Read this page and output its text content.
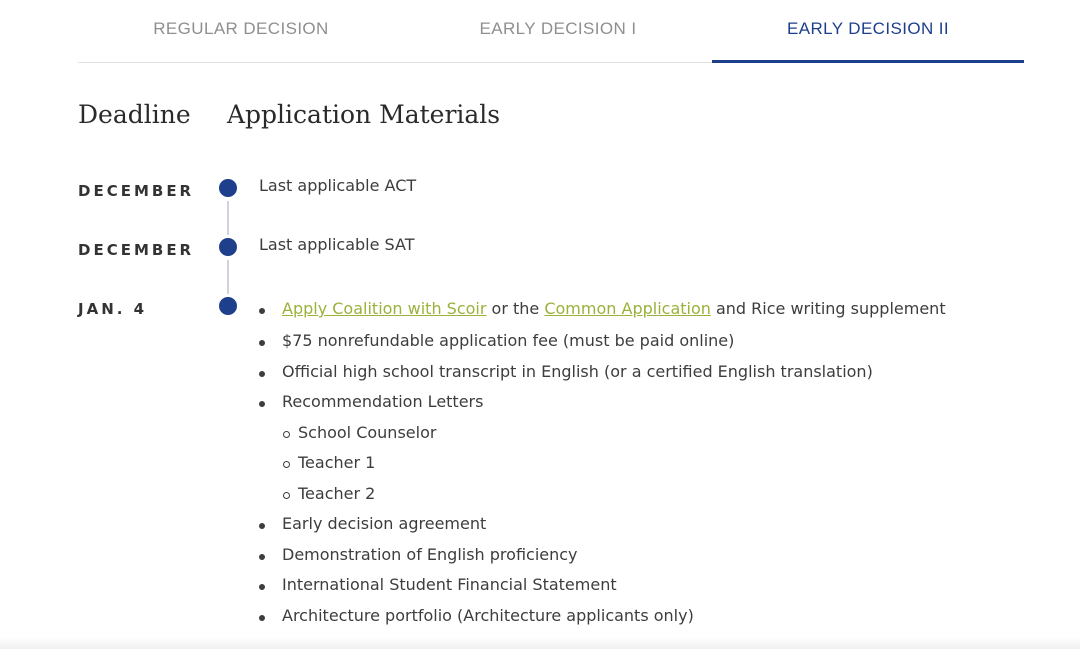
REGULAR DECISION	EARLY DECISION I	EARLY DECISION II
Deadline Application Materials
DECEMBER	Last applicable ACT
DECEMBER	Last applicable SAT
JAN. 4	Apply Coalition with Scoir or the Common Application and Rice writing supplement
$75 nonrefundable application fee (must be paid online)
Official high school transcript in English (or a certified English translation)
Recommendation Letters
School Counselor
Teacher 1
Teacher 2
Early decision agreement
Demonstration of English proficiency
International Student Financial Statement
Architecture portfolio (Architecture applicants only)
